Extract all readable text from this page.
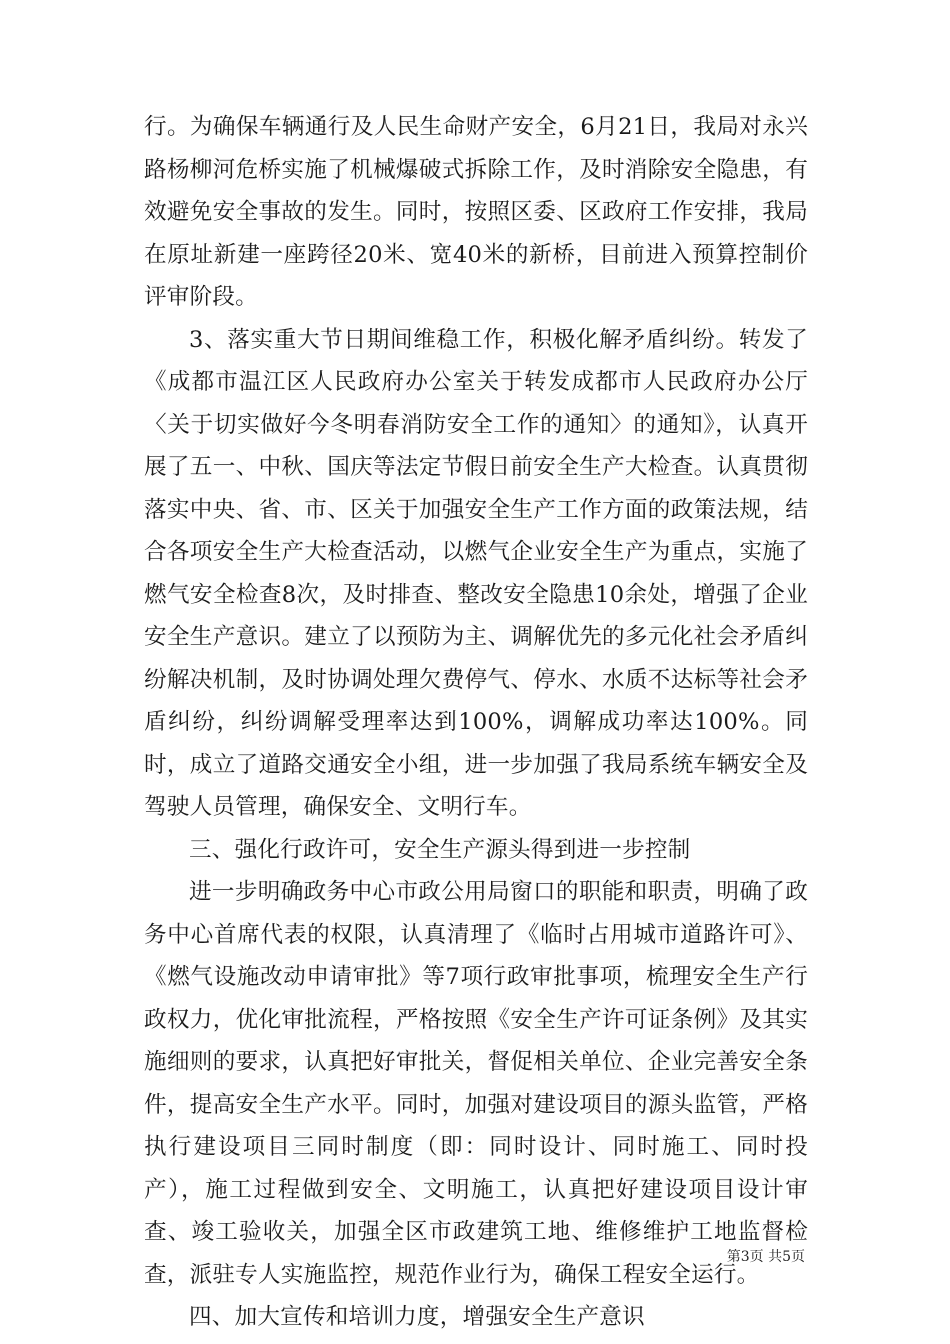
行。为确保车辆通行及人民生命财产安全，6月21日，我局对永兴路杨柳河危桥实施了机械爆破式拆除工作，及时消除安全隐患，有效避免安全事故的发生。同时，按照区委、区政府工作安排，我局在原址新建一座跨径20米、宽40米的新桥，目前进入预算控制价评审阶段。

3、落实重大节日期间维稳工作，积极化解矛盾纠纷。转发了《成都市温江区人民政府办公室关于转发成都市人民政府办公厅〈关于切实做好今冬明春消防安全工作的通知〉的通知》，认真开展了五一、中秋、国庆等法定节假日前安全生产大检查。认真贯彻落实中央、省、市、区关于加强安全生产工作方面的政策法规，结合各项安全生产大检查活动，以燃气企业安全生产为重点，实施了燃气安全检查8次，及时排查、整改安全隐患10余处，增强了企业安全生产意识。建立了以预防为主、调解优先的多元化社会矛盾纠纷解决机制，及时协调处理欠费停气、停水、水质不达标等社会矛盾纠纷，纠纷调解受理率达到100%，调解成功率达100%。同时，成立了道路交通安全小组，进一步加强了我局系统车辆安全及驾驶人员管理，确保安全、文明行车。

三、强化行政许可，安全生产源头得到进一步控制

进一步明确政务中心市政公用局窗口的职能和职责，明确了政务中心首席代表的权限，认真清理了《临时占用城市道路许可》、《燃气设施改动申请审批》等7项行政审批事项，梳理安全生产行政权力，优化审批流程，严格按照《安全生产许可证条例》及其实施细则的要求，认真把好审批关，督促相关单位、企业完善安全条件，提高安全生产水平。同时，加强对建设项目的源头监管，严格执行建设项目三同时制度（即：同时设计、同时施工、同时投产），施工过程做到安全、文明施工，认真把好建设项目设计审查、竣工验收关，加强全区市政建筑工地、维修维护工地监督检查，派驻专人实施监控，规范作业行为，确保工程安全运行。

四、加大宣传和培训力度，增强安全生产意识

第3页 共5页
